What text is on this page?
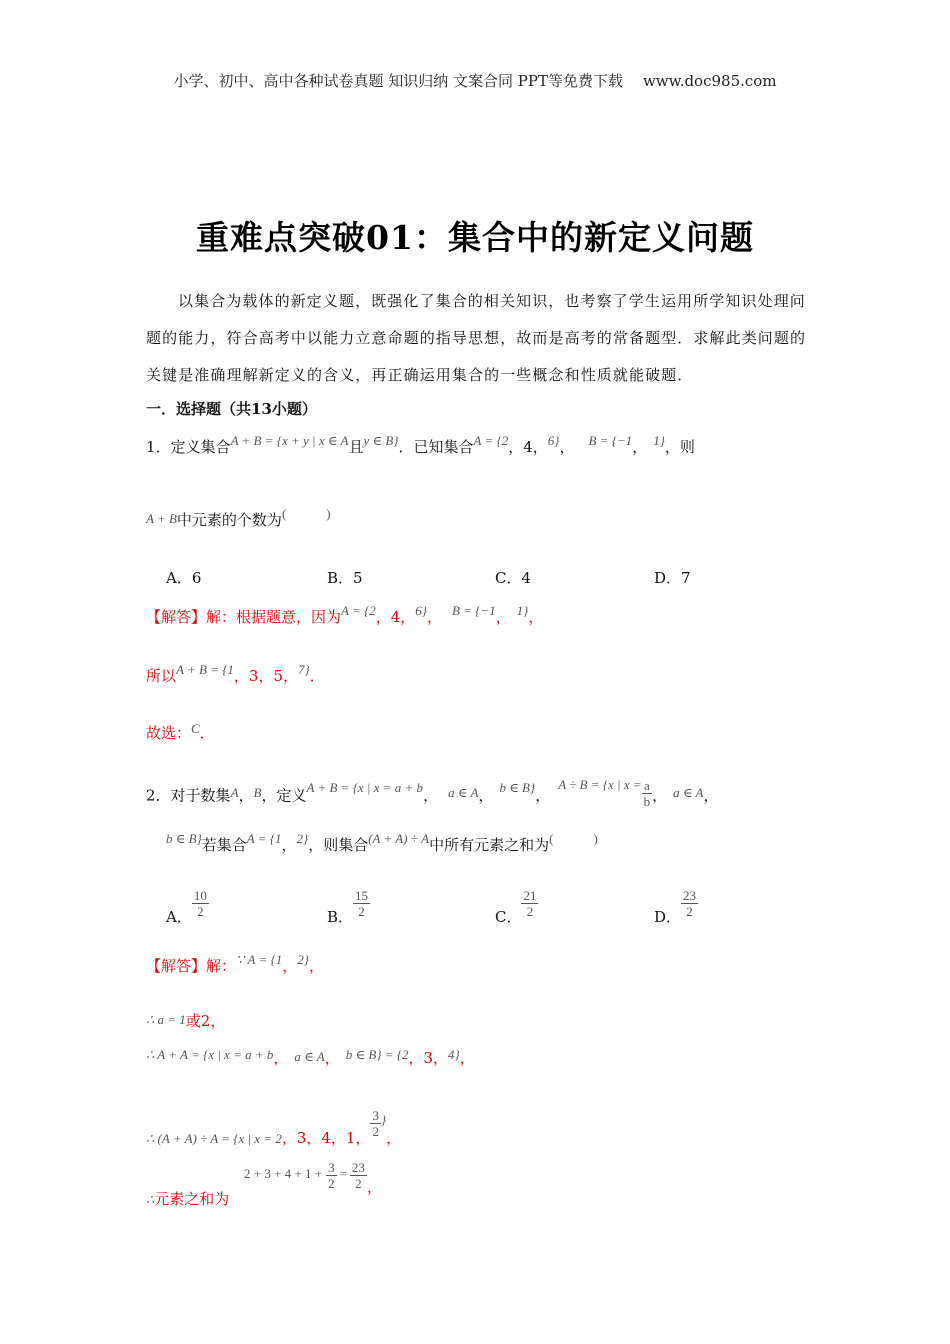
小学、初中、高中各种试卷真题 知识归纳 文案合同 PPT等免费下载 www.doc985.com
重难点突破01：集合中的新定义问题
以集合为载体的新定义题，既强化了集合的相关知识，也考察了学生运用所学知识处理问题的能力，符合高考中以能力立意命题的指导思想，故而是高考的常备题型．求解此类问题的关键是准确理解新定义的含义，再正确运用集合的一些概念和性质就能破题．
一．选择题（共13小题）
1．定义集合A + B = {x + y | x ∈ A且y ∈ B}．已知集合A = {2，4，6}， B = {−1， 1}，则
A + B中元素的个数为(	)
A．6	B．5	C．4	D．7
【解答】解：根据题意，因为A = {2，4，6}， B = {−1， 1}，
所以A + B = {1，3，5，7}．
故选：C．
2．对于数集A，B，定义A + B = {x | x = a + b， a ∈ A， b ∈ B}，A ÷ B = {x | $x = \frac{a}{b}$ ， a ∈ A，
b ∈ B}若集合A = {1，2}，则集合(A + A) ÷ A中所有元素之和为(	)
A． $\frac{10}{2}$	B． $\frac{15}{2}$	C． $\frac{21}{2}$	D． $\frac{23}{2}$
【解答】解：∵ A = {1，2}，
∴ a = 1或2，
∴ A + A = {x | x = a + b， a ∈ A， b ∈ B} = {2，3，4}，
∴ (A + A) ÷ A = {x | x = 2，3，4，1， $\frac{3}{2}$ }，
∴元素之和为
$2 + 3 + 4 + 1 + \frac{3}{2} = \frac{23}{2}$ ，
